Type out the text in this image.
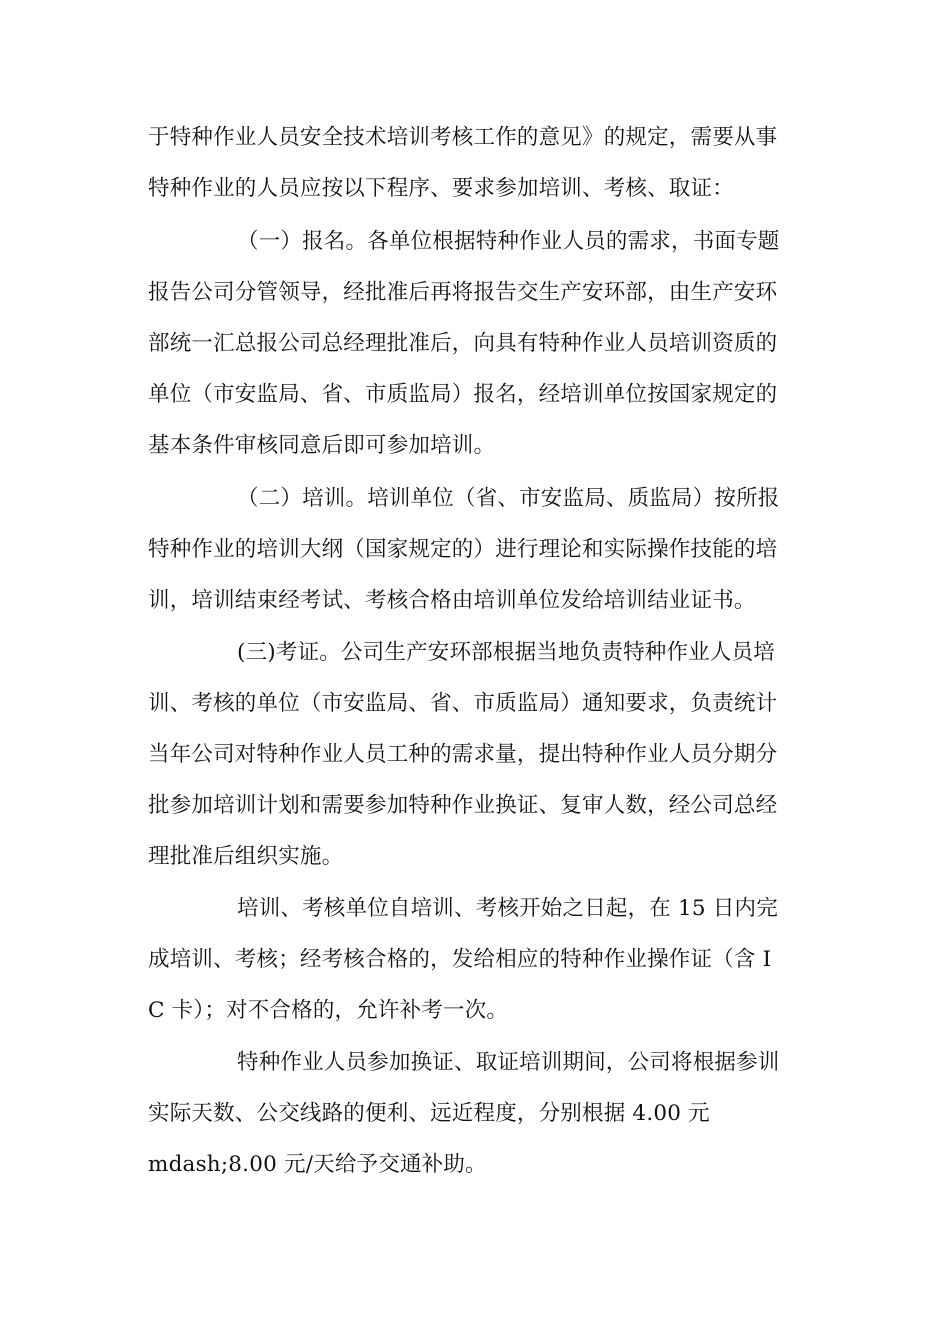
于特种作业人员安全技术培训考核工作的意见》的规定，需要从事
特种作业的人员应按以下程序、要求参加培训、考核、取证：
（一）报名。各单位根据特种作业人员的需求，书面专题
报告公司分管领导，经批准后再将报告交生产安环部，由生产安环
部统一汇总报公司总经理批准后，向具有特种作业人员培训资质的
单位（市安监局、省、市质监局）报名，经培训单位按国家规定的
基本条件审核同意后即可参加培训。
（二）培训。培训单位（省、市安监局、质监局）按所报
特种作业的培训大纲（国家规定的）进行理论和实际操作技能的培
训，培训结束经考试、考核合格由培训单位发给培训结业证书。
(三)考证。公司生产安环部根据当地负责特种作业人员培
训、考核的单位（市安监局、省、市质监局）通知要求，负责统计
当年公司对特种作业人员工种的需求量，提出特种作业人员分期分
批参加培训计划和需要参加特种作业换证、复审人数，经公司总经
理批准后组织实施。
培训、考核单位自培训、考核开始之日起，在 15 日内完
成培训、考核；经考核合格的，发给相应的特种作业操作证（含 I
C 卡）；对不合格的，允许补考一次。
特种作业人员参加换证、取证培训期间，公司将根据参训
实际天数、公交线路的便利、远近程度，分别根据 4.00 元
mdash;8.00 元/天给予交通补助。
